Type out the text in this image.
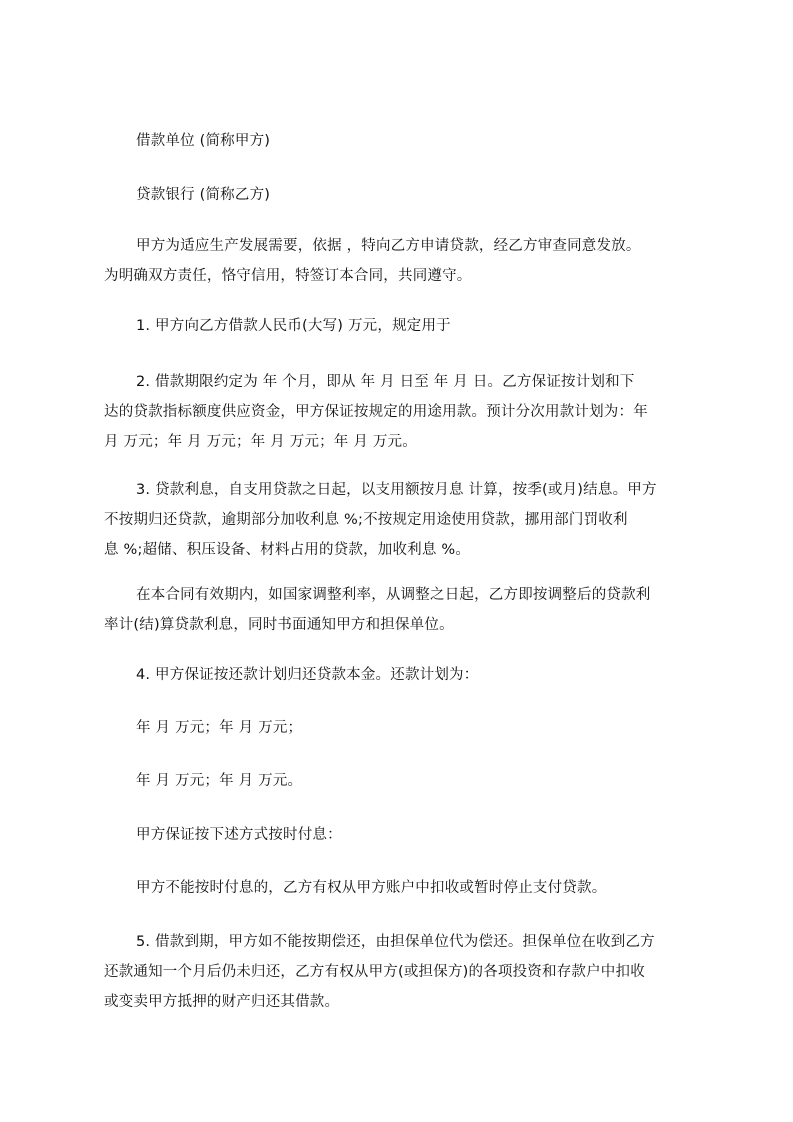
借款单位 (简称甲方)
贷款银行 (简称乙方)
甲方为适应生产发展需要，依据 ，特向乙方申请贷款，经乙方审查同意发放。
为明确双方责任，恪守信用，特签订本合同，共同遵守。
1. 甲方向乙方借款人民币(大写) 万元，规定用于
2. 借款期限约定为 年 个月，即从 年 月 日至 年 月 日。乙方保证按计划和下
达的贷款指标额度供应资金，甲方保证按规定的用途用款。预计分次用款计划为：年
月 万元；年 月 万元；年 月 万元；年 月 万元。
3. 贷款利息，自支用贷款之日起，以支用额按月息 计算，按季(或月)结息。甲方
不按期归还贷款，逾期部分加收利息 %;不按规定用途使用贷款，挪用部门罚收利
息 %;超储、积压设备、材料占用的贷款，加收利息 %。
在本合同有效期内，如国家调整利率，从调整之日起，乙方即按调整后的贷款利
率计(结)算贷款利息，同时书面通知甲方和担保单位。
4. 甲方保证按还款计划归还贷款本金。还款计划为：
年 月 万元；年 月 万元；
年 月 万元；年 月 万元。
甲方保证按下述方式按时付息：
甲方不能按时付息的，乙方有权从甲方账户中扣收或暂时停止支付贷款。
5. 借款到期，甲方如不能按期偿还，由担保单位代为偿还。担保单位在收到乙方
还款通知一个月后仍未归还，乙方有权从甲方(或担保方)的各项投资和存款户中扣收
或变卖甲方抵押的财产归还其借款。
